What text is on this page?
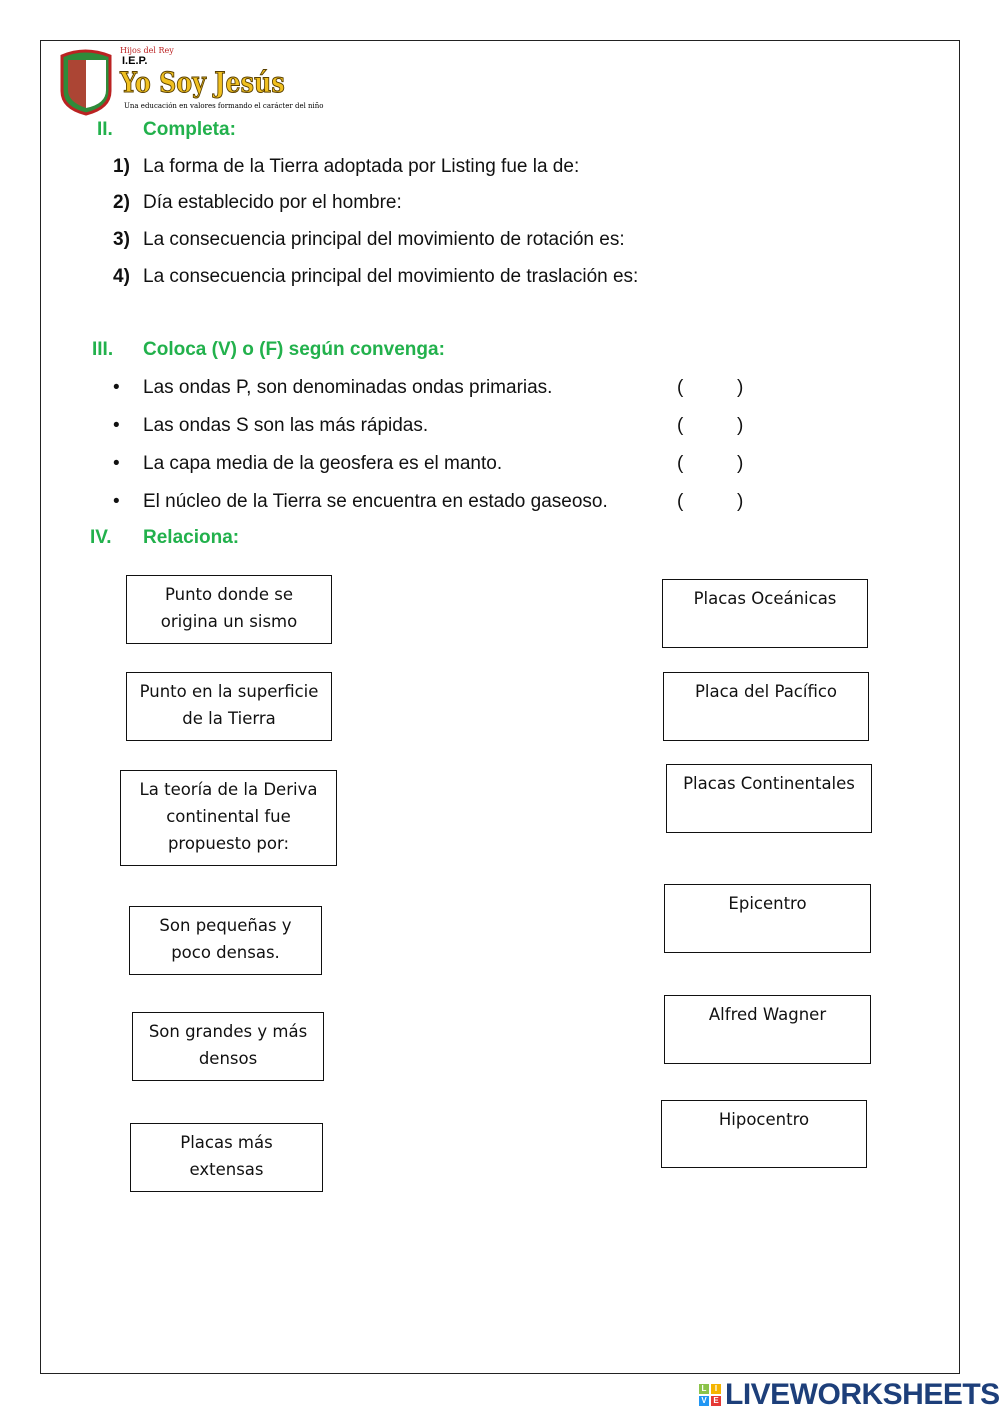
Hijos del Rey
I.E.P.
Yo Soy Jesús
Una educación en valores formando el carácter del niño
II. Completa:
1) La forma de la Tierra adoptada por Listing fue la de:
2) Día establecido por el hombre:
3) La consecuencia principal del movimiento de rotación es:
4) La consecuencia principal del movimiento de traslación es:
III. Coloca (V) o (F) según convenga:
• Las ondas P, son denominadas ondas primarias.	(	)
• Las ondas S son las más rápidas.	(	)
• La capa media de la geosfera es el manto.	(	)
• El núcleo de la Tierra se encuentra en estado gaseoso.	(	)
IV. Relaciona:
Punto donde se origina un sismo
Punto en la superficie de la Tierra
La teoría de la Deriva continental fue propuesto por:
Son pequeñas y poco densas.
Son grandes y más densos
Placas más extensas
Placas Oceánicas
Placa del Pacífico
Placas Continentales
Epicentro
Alfred Wagner
Hipocentro
L	I
V E LIVEWORKSHEETS
